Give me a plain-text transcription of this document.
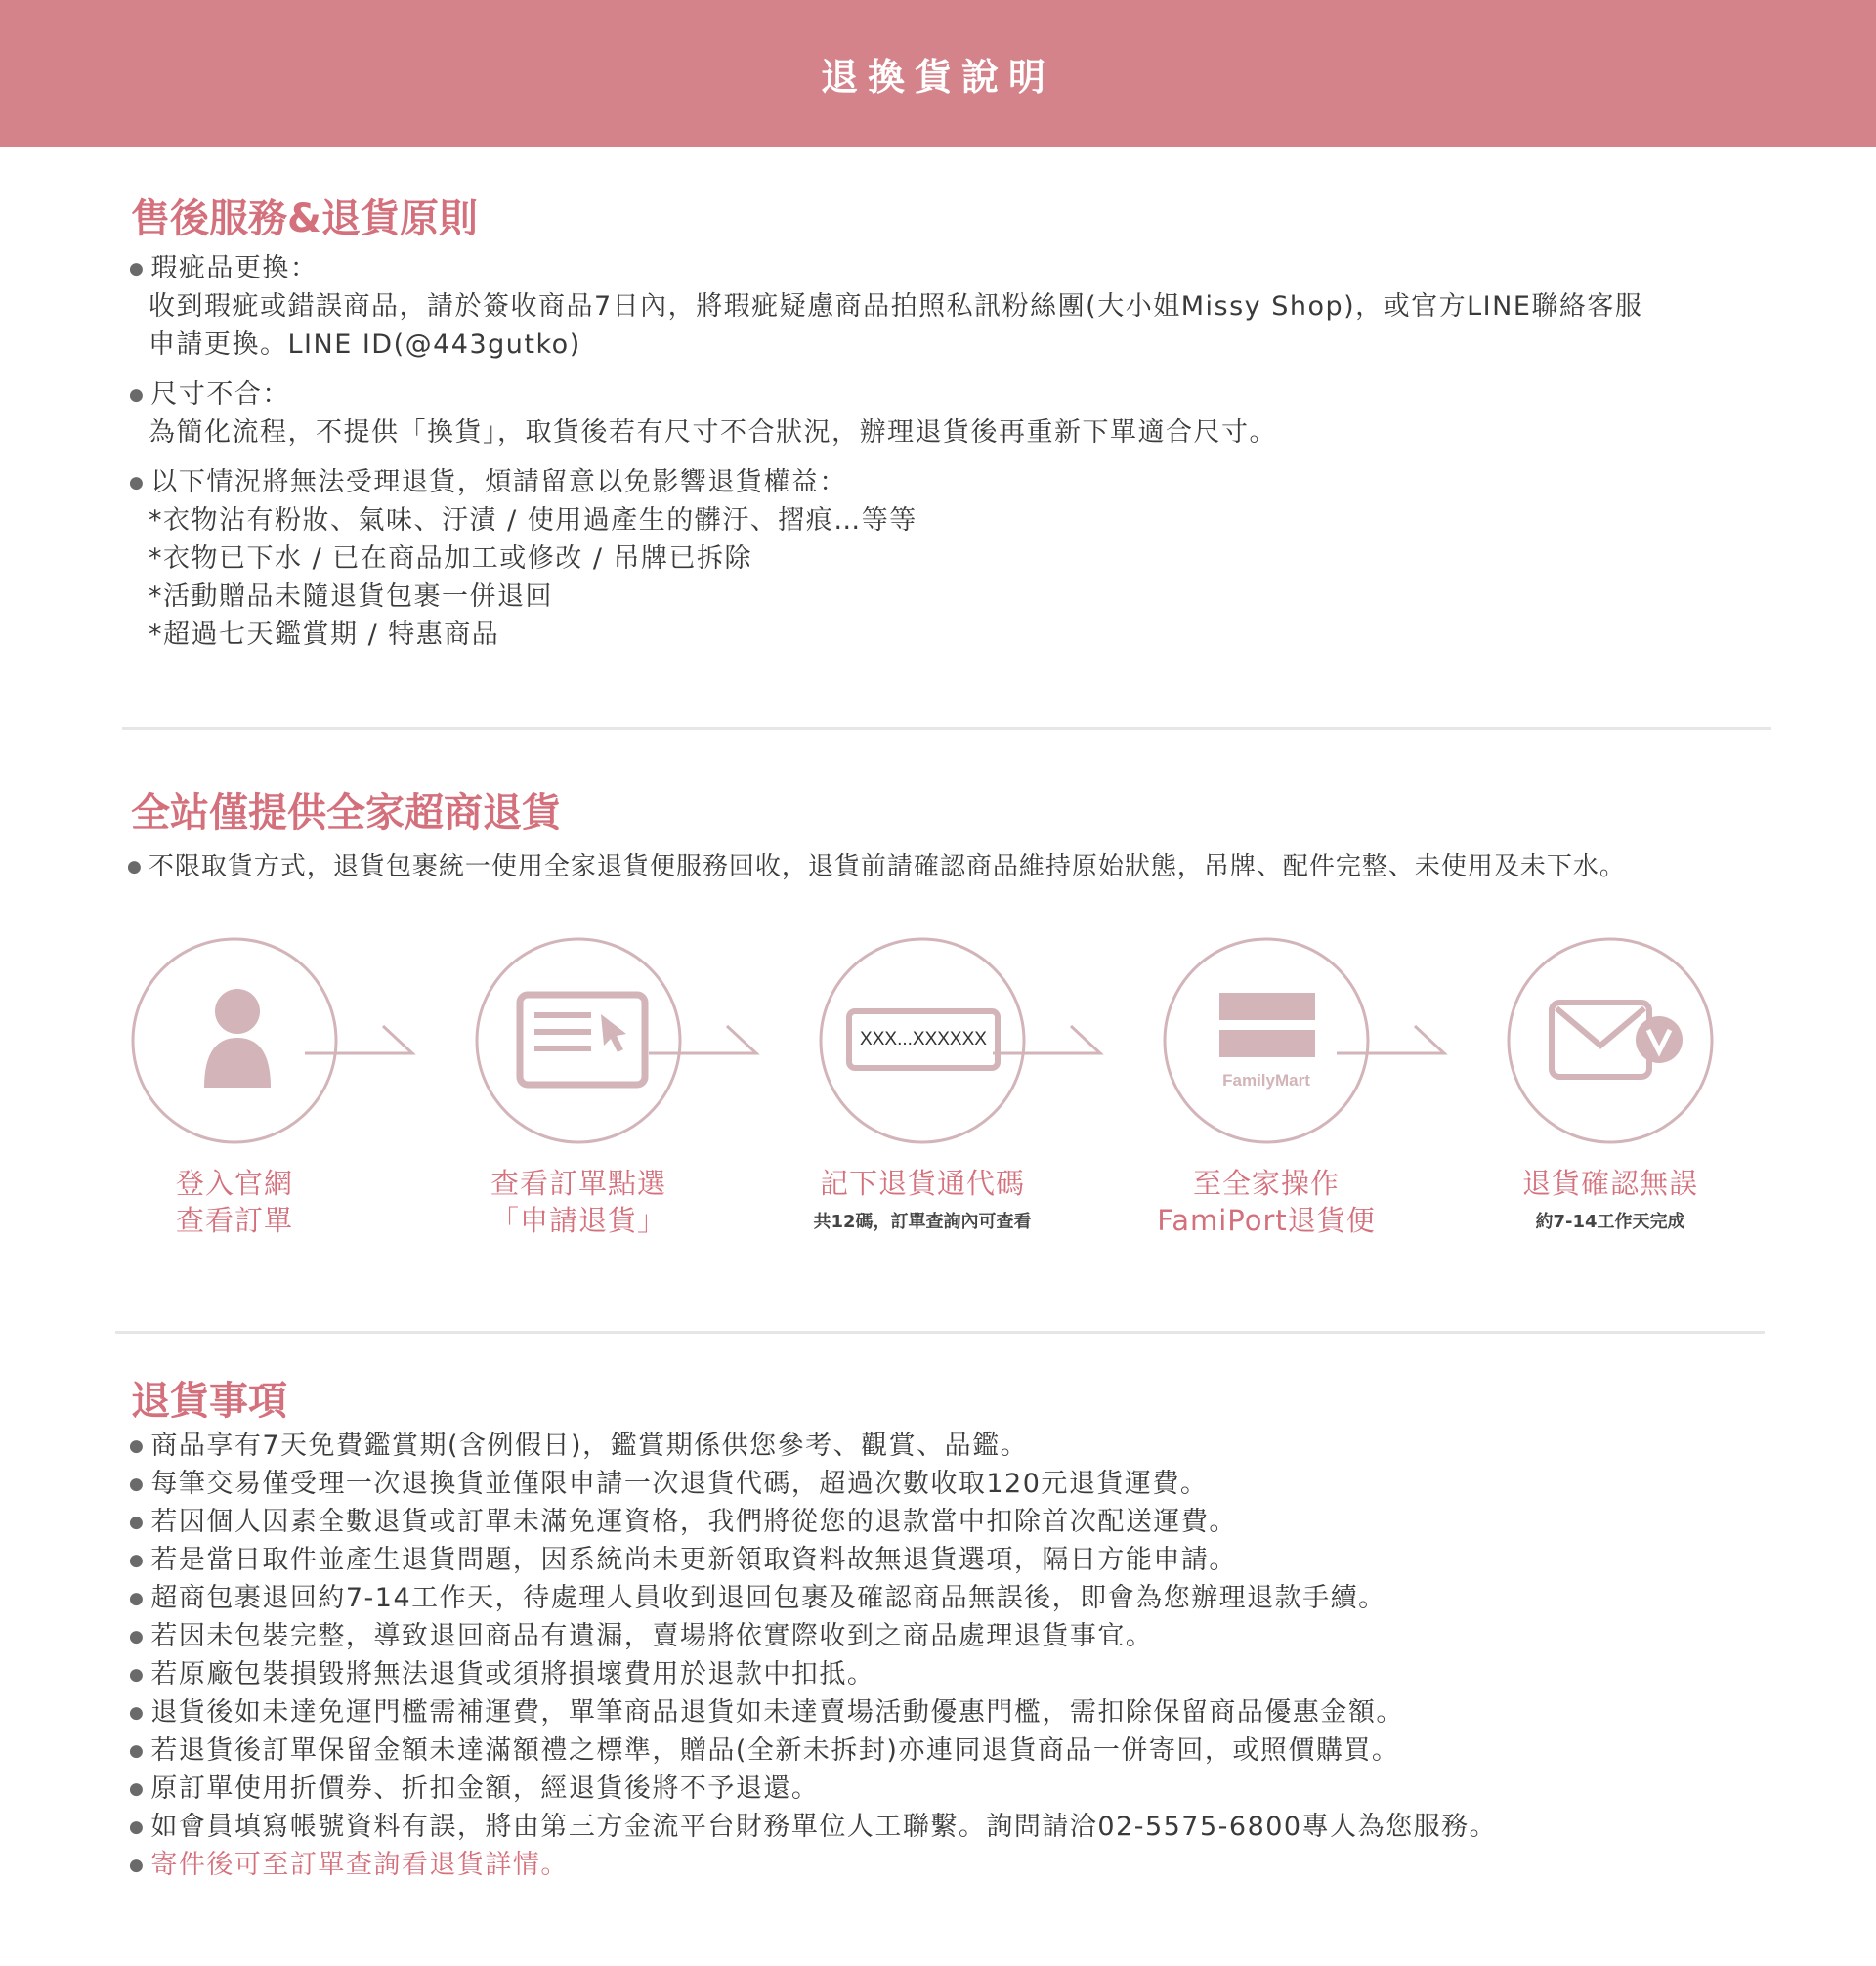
退換貨說明
售後服務&退貨原則
● 瑕疵品更換：
收到瑕疵或錯誤商品，請於簽收商品7日內，將瑕疵疑慮商品拍照私訊粉絲團(大小姐Missy Shop)，或官方LINE聯絡客服
申請更換。LINE ID(@443gutko)
● 尺寸不合：
為簡化流程，不提供「換貨」，取貨後若有尺寸不合狀況，辦理退貨後再重新下單適合尺寸。
● 以下情況將無法受理退貨，煩請留意以免影響退貨權益：
*衣物沾有粉妝、氣味、汙漬 / 使用過產生的髒汙、摺痕…等等
*衣物已下水 / 已在商品加工或修改 / 吊牌已拆除
*活動贈品未隨退貨包裹一併退回
*超過七天鑑賞期 / 特惠商品
全站僅提供全家超商退貨
● 不限取貨方式，退貨包裹統一使用全家退貨便服務回收，退貨前請確認商品維持原始狀態，吊牌、配件完整、未使用及未下水。
XXX...XXXXXX
FamilyMart
登入官網
查看訂單
查看訂單點選
「申請退貨」
記下退貨通代碼
共12碼，訂單查詢內可查看
至全家操作
FamiPort退貨便
退貨確認無誤
約7-14工作天完成
退貨事項
● 商品享有7天免費鑑賞期(含例假日)，鑑賞期係供您參考、觀賞、品鑑。
● 每筆交易僅受理一次退換貨並僅限申請一次退貨代碼，超過次數收取120元退貨運費。
● 若因個人因素全數退貨或訂單未滿免運資格，我們將從您的退款當中扣除首次配送運費。
● 若是當日取件並產生退貨問題，因系統尚未更新領取資料故無退貨選項，隔日方能申請。
● 超商包裹退回約7-14工作天，待處理人員收到退回包裹及確認商品無誤後，即會為您辦理退款手續。
● 若因未包裝完整，導致退回商品有遺漏，賣場將依實際收到之商品處理退貨事宜。
● 若原廠包裝損毀將無法退貨或須將損壞費用於退款中扣抵。
● 退貨後如未達免運門檻需補運費，單筆商品退貨如未達賣場活動優惠門檻，需扣除保留商品優惠金額。
● 若退貨後訂單保留金額未達滿額禮之標準，贈品(全新未拆封)亦連同退貨商品一併寄回，或照價購買。
● 原訂單使用折價券、折扣金額，經退貨後將不予退還。
● 如會員填寫帳號資料有誤，將由第三方金流平台財務單位人工聯繫。詢問請洽02-5575-6800專人為您服務。
● 寄件後可至訂單查詢看退貨詳情。
